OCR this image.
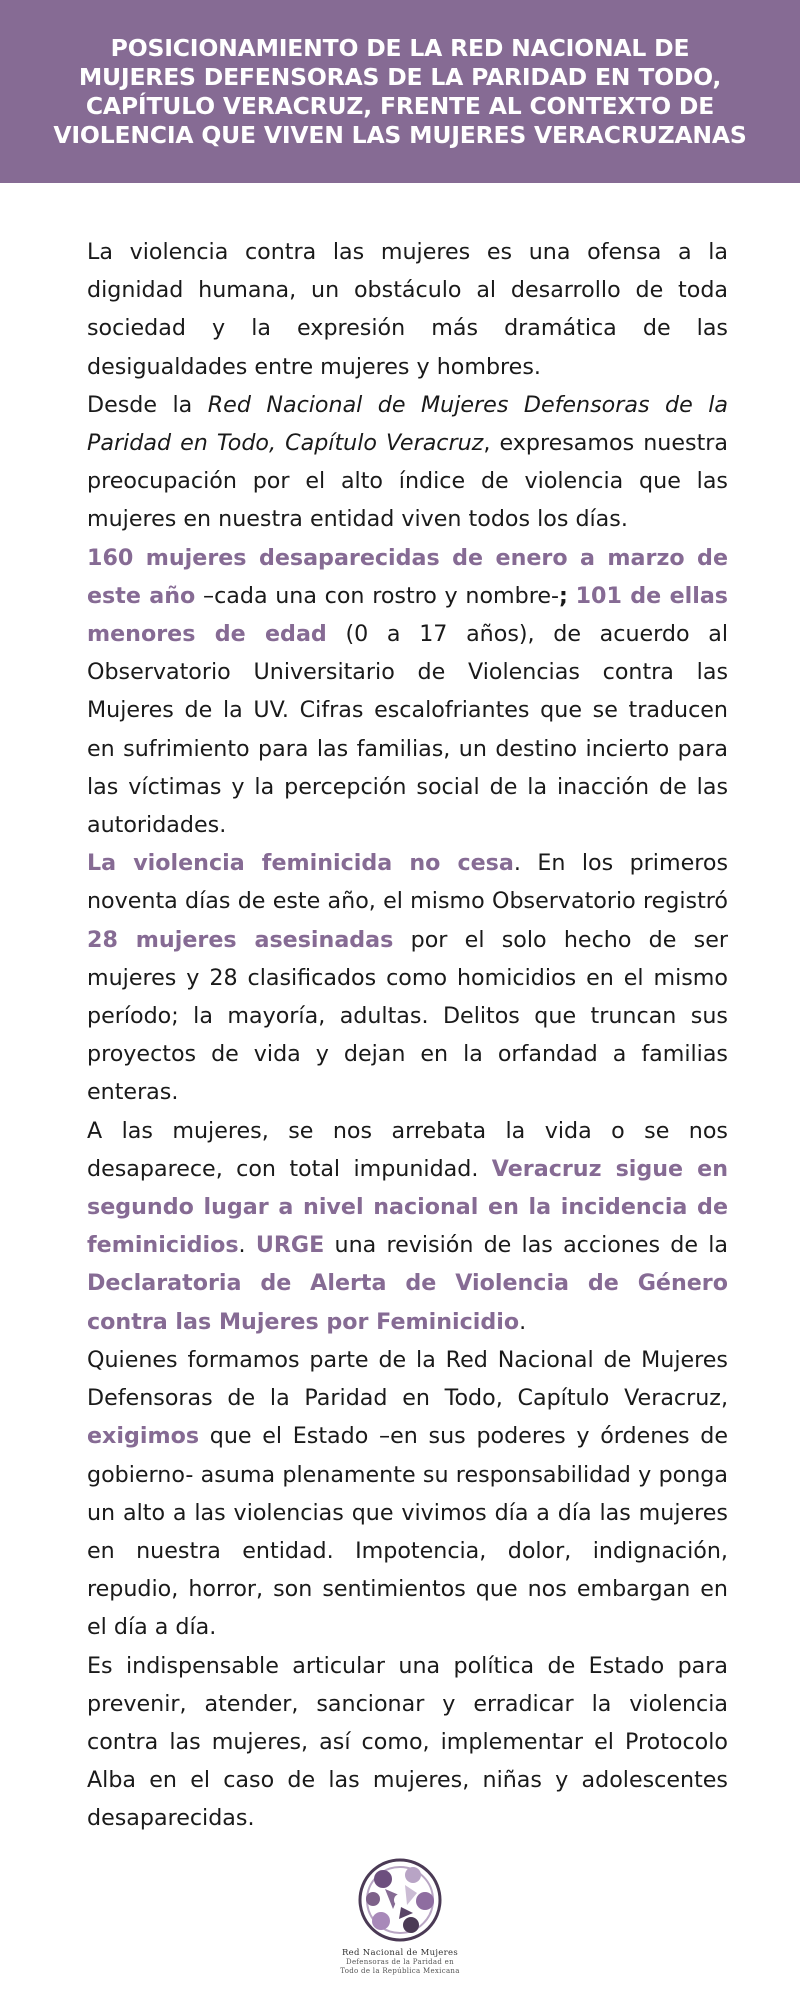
POSICIONAMIENTO DE LA RED NACIONAL DE
MUJERES DEFENSORAS DE LA PARIDAD EN TODO,
CAPÍTULO VERACRUZ, FRENTE AL CONTEXTO DE
VIOLENCIA QUE VIVEN LAS MUJERES VERACRUZANAS

La violencia contra las mujeres es una ofensa a la dignidad humana, un obstáculo al desarrollo de toda sociedad y la expresión más dramática de las desigualdades entre mujeres y hombres.

Desde la Red Nacional de Mujeres Defensoras de la Paridad en Todo, Capítulo Veracruz, expresamos nuestra preocupación por el alto índice de violencia que las mujeres en nuestra entidad viven todos los días.

160 mujeres desaparecidas de enero a marzo de este año –cada una con rostro y nombre-; 101 de ellas menores de edad (0 a 17 años), de acuerdo al Observatorio Universitario de Violencias contra las Mujeres de la UV. Cifras escalofriantes que se traducen en sufrimiento para las familias, un destino incierto para las víctimas y la percepción social de la inacción de las autoridades.

La violencia feminicida no cesa. En los primeros noventa días de este año, el mismo Observatorio registró 28 mujeres asesinadas por el solo hecho de ser mujeres y 28 clasificados como homicidios en el mismo período; la mayoría, adultas. Delitos que truncan sus proyectos de vida y dejan en la orfandad a familias enteras.

A las mujeres, se nos arrebata la vida o se nos desaparece, con total impunidad. Veracruz sigue en segundo lugar a nivel nacional en la incidencia de feminicidios. URGE una revisión de las acciones de la Declaratoria de Alerta de Violencia de Género contra las Mujeres por Feminicidio.

Quienes formamos parte de la Red Nacional de Mujeres Defensoras de la Paridad en Todo, Capítulo Veracruz, exigimos que el Estado –en sus poderes y órdenes de gobierno- asuma plenamente su responsabilidad y ponga un alto a las violencias que vivimos día a día las mujeres en nuestra entidad. Impotencia, dolor, indignación, repudio, horror, son sentimientos que nos embargan en el día a día.

Es indispensable articular una política de Estado para prevenir, atender, sancionar y erradicar la violencia contra las mujeres, así como, implementar el Protocolo Alba en el caso de las mujeres, niñas y adolescentes desaparecidas.

Red Nacional de Mujeres
Defensoras de la Paridad en
Todo de la República Mexicana
